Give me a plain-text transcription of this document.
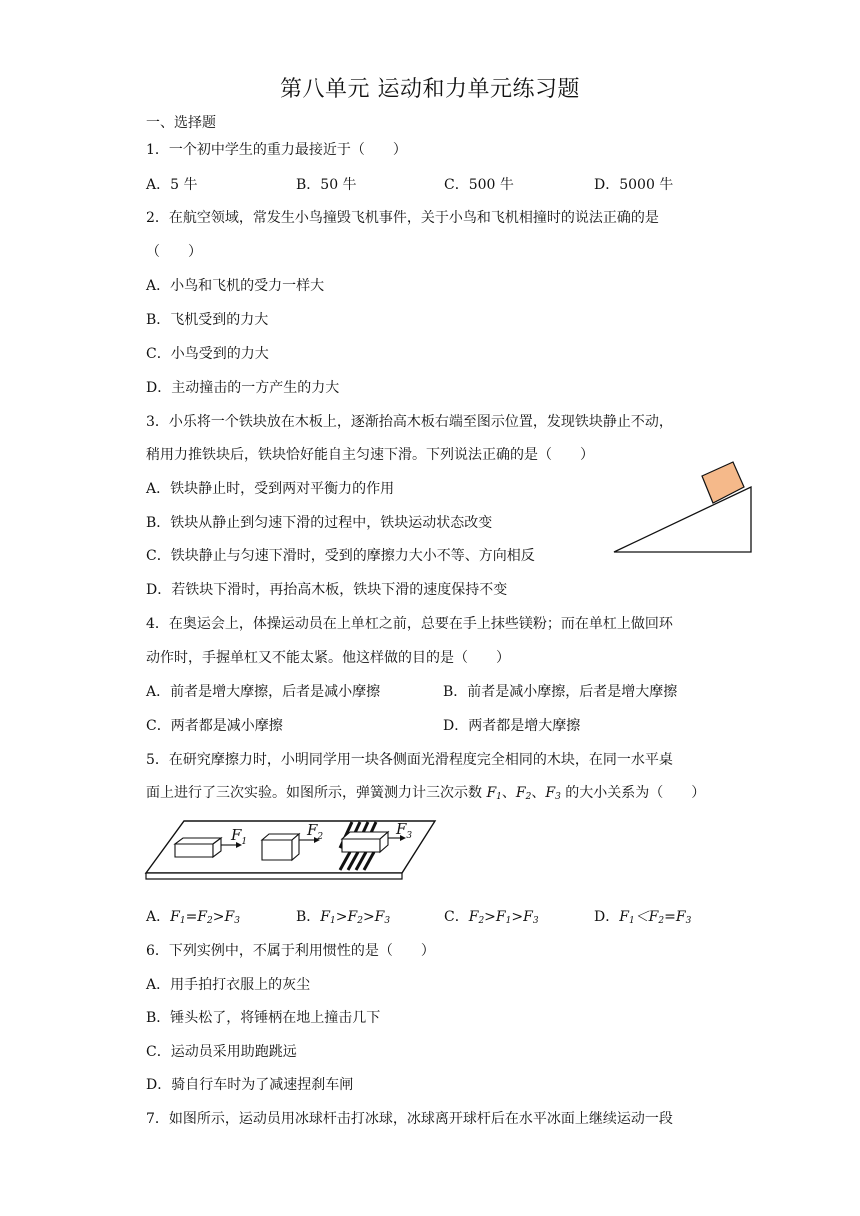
第八单元 运动和力单元练习题
一、选择题
1．一个初中学生的重力最接近于（　　）
A．5 牛	B．50 牛	C．500 牛	D．5000 牛
2．在航空领域，常发生小鸟撞毁飞机事件，关于小鸟和飞机相撞时的说法正确的是
（　　）
A．小鸟和飞机的受力一样大
B．飞机受到的力大
C．小鸟受到的力大
D．主动撞击的一方产生的力大
3．小乐将一个铁块放在木板上，逐渐抬高木板右端至图示位置，发现铁块静止不动，
稍用力推铁块后，铁块恰好能自主匀速下滑。下列说法正确的是（　　）
A．铁块静止时，受到两对平衡力的作用
B．铁块从静止到匀速下滑的过程中，铁块运动状态改变
C．铁块静止与匀速下滑时，受到的摩擦力大小不等、方向相反
D．若铁块下滑时，再抬高木板，铁块下滑的速度保持不变
4．在奥运会上，体操运动员在上单杠之前，总要在手上抹些镁粉；而在单杠上做回环
动作时，手握单杠又不能太紧。他这样做的目的是（　　）
A．前者是增大摩擦，后者是减小摩擦	B．前者是减小摩擦，后者是增大摩擦
C．两者都是减小摩擦	D．两者都是增大摩擦
5．在研究摩擦力时，小明同学用一块各侧面光滑程度完全相同的木块，在同一水平桌
面上进行了三次实验。如图所示，弹簧测力计三次示数 $F_1$、$F_2$、$F_3$ 的大小关系为（　　）
$F_1$
$F_2$	$F_3$
A．$F_1=F_2>F_3$	B．$F_1>F_2>F_3$	C．$F_2>F_1>F_3$	D．$F_1<F_2=F_3$
6．下列实例中，不属于利用惯性的是（　　）
A．用手拍打衣服上的灰尘
B．锤头松了，将锤柄在地上撞击几下
C．运动员采用助跑跳远
D．骑自行车时为了减速捏刹车闸
7．如图所示，运动员用冰球杆击打冰球，冰球离开球杆后在水平冰面上继续运动一段
